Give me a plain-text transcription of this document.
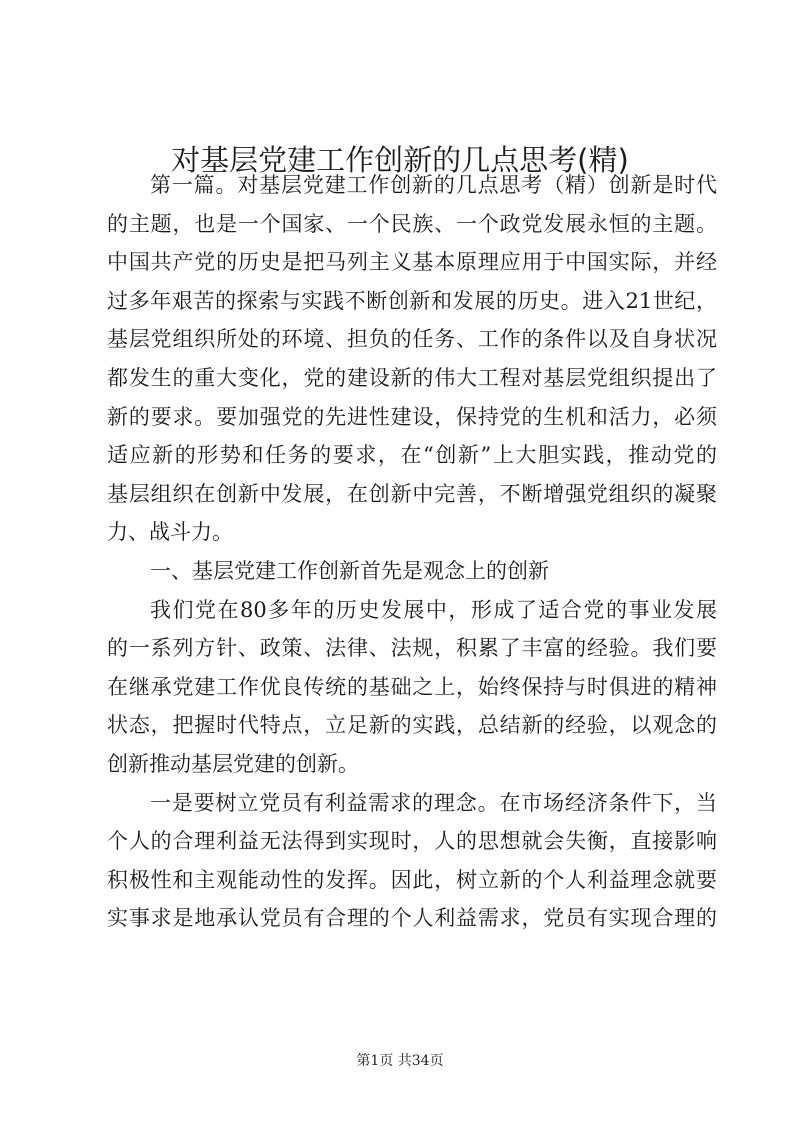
对基层党建工作创新的几点思考(精)
第一篇。对基层党建工作创新的几点思考（精）创新是时代
的主题，也是一个国家、一个民族、一个政党发展永恒的主题。
中国共产党的历史是把马列主义基本原理应用于中国实际，并经
过多年艰苦的探索与实践不断创新和发展的历史。进入21世纪，
基层党组织所处的环境、担负的任务、工作的条件以及自身状况
都发生的重大变化，党的建设新的伟大工程对基层党组织提出了
新的要求。要加强党的先进性建设，保持党的生机和活力，必须
适应新的形势和任务的要求，在“创新”上大胆实践，推动党的
基层组织在创新中发展，在创新中完善，不断增强党组织的凝聚
力、战斗力。
一、基层党建工作创新首先是观念上的创新
我们党在80多年的历史发展中，形成了适合党的事业发展
的一系列方针、政策、法律、法规，积累了丰富的经验。我们要
在继承党建工作优良传统的基础之上，始终保持与时俱进的精神
状态，把握时代特点，立足新的实践，总结新的经验，以观念的
创新推动基层党建的创新。
一是要树立党员有利益需求的理念。在市场经济条件下，当
个人的合理利益无法得到实现时，人的思想就会失衡，直接影响
积极性和主观能动性的发挥。因此，树立新的个人利益理念就要
实事求是地承认党员有合理的个人利益需求，党员有实现合理的
第1页 共34页
